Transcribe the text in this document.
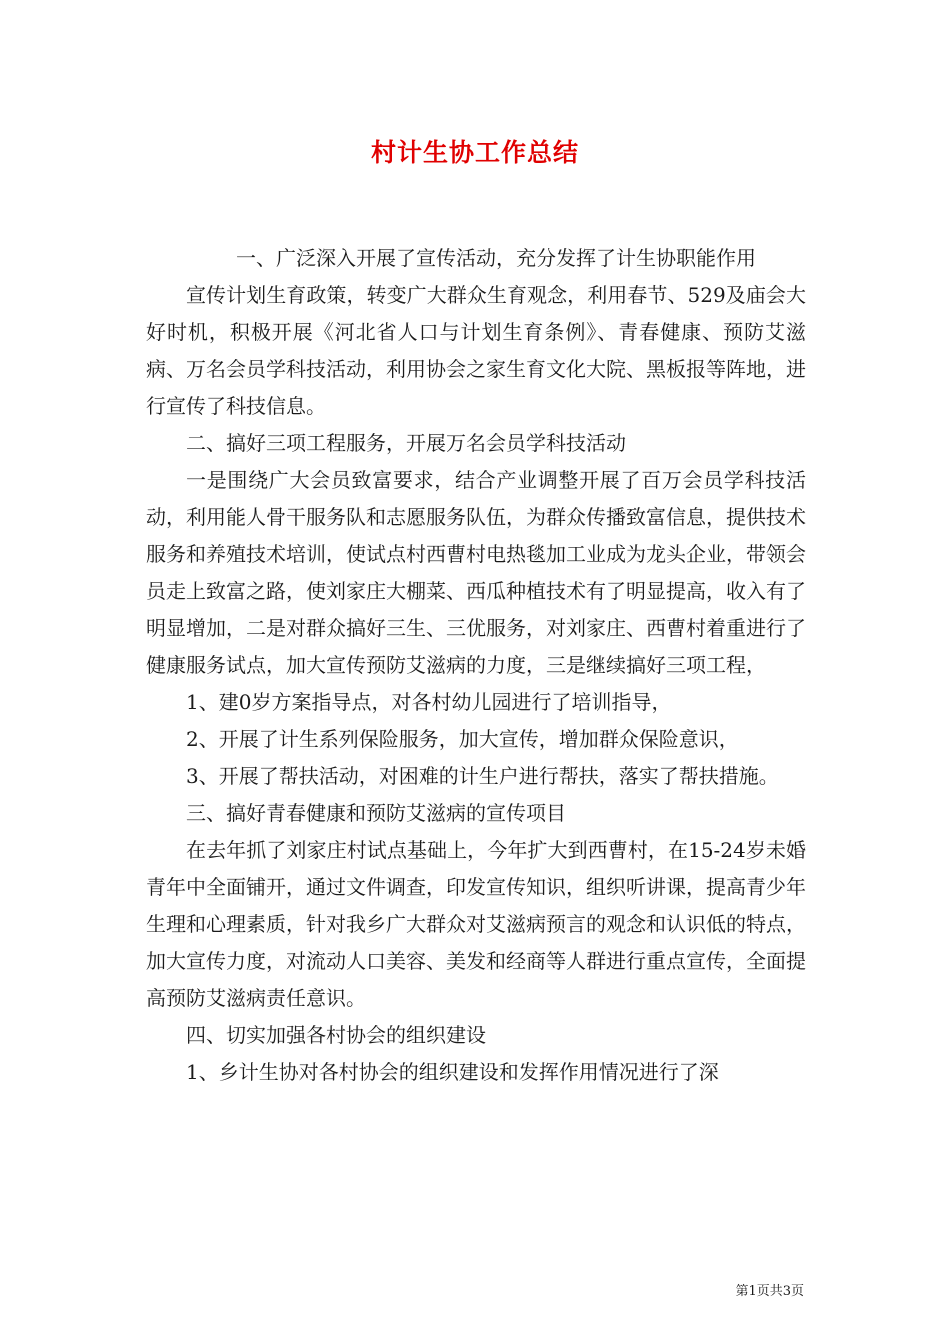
村计生协工作总结

一、广泛深入开展了宣传活动，充分发挥了计生协职能作用

宣传计划生育政策，转变广大群众生育观念，利用春节、529及庙会大好时机，积极开展《河北省人口与计划生育条例》、青春健康、预防艾滋病、万名会员学科技活动，利用协会之家生育文化大院、黑板报等阵地，进行宣传了科技信息。

二、搞好三项工程服务，开展万名会员学科技活动

一是围绕广大会员致富要求，结合产业调整开展了百万会员学科技活动，利用能人骨干服务队和志愿服务队伍，为群众传播致富信息，提供技术服务和养殖技术培训，使试点村西曹村电热毯加工业成为龙头企业，带领会员走上致富之路，使刘家庄大棚菜、西瓜种植技术有了明显提高，收入有了明显增加，二是对群众搞好三生、三优服务，对刘家庄、西曹村着重进行了健康服务试点，加大宣传预防艾滋病的力度，三是继续搞好三项工程，

1、建0岁方案指导点，对各村幼儿园进行了培训指导，

2、开展了计生系列保险服务，加大宣传，增加群众保险意识，

3、开展了帮扶活动，对困难的计生户进行帮扶，落实了帮扶措施。

三、搞好青春健康和预防艾滋病的宣传项目

在去年抓了刘家庄村试点基础上，今年扩大到西曹村，在15-24岁未婚青年中全面铺开，通过文件调查，印发宣传知识，组织听讲课，提高青少年生理和心理素质，针对我乡广大群众对艾滋病预言的观念和认识低的特点，加大宣传力度，对流动人口美容、美发和经商等人群进行重点宣传，全面提高预防艾滋病责任意识。

四、切实加强各村协会的组织建设

1、乡计生协对各村协会的组织建设和发挥作用情况进行了深

第1页共3页
